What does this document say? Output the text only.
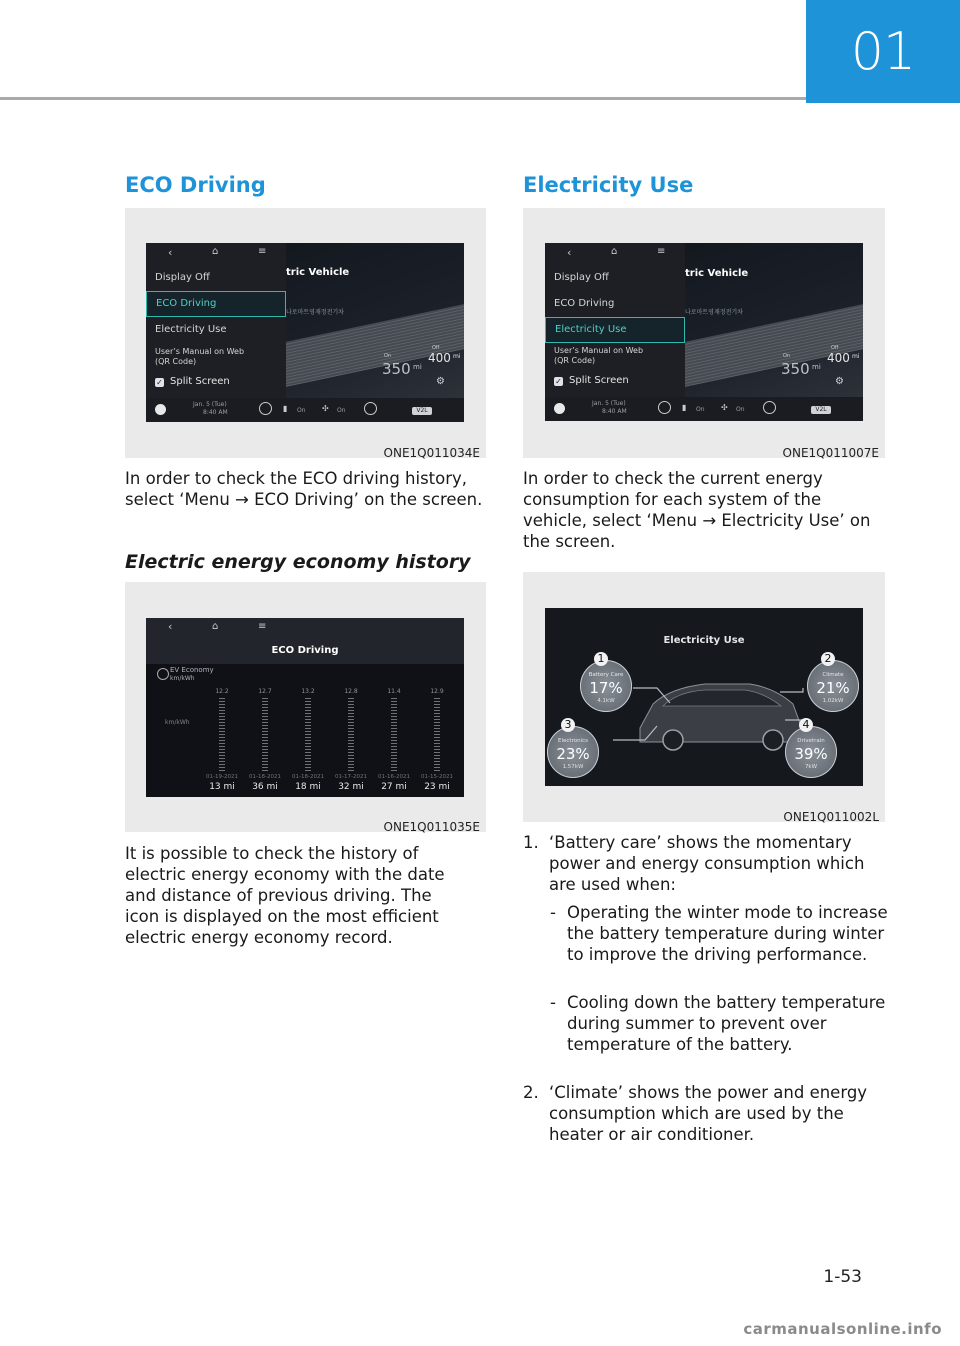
01
ECO Driving
tric Vehicle
나로마트영재정전기차
On
350 mi
Off
400 mi
⚙
‹	⌂	≡
Display Off
ECO Driving
Electricity Use
User’s Manual on Web
(QR Code)
✓ Split Screen
Jan. 5 (Tue)
8:40 AM	▮ On ✣ On	V2L
ONE1Q011034E
In order to check the ECO driving history, select ‘Menu → ECO Driving’ on the screen.
Electric energy economy history
‹	⌂	≡
ECO Driving
EV Economy
km/kWh
km/kWh
12.2
01-19-2021
13 mi
12.7
01-18-2021
36 mi
13.2
01-18-2021
18 mi
12.8
01-17-2021
32 mi
11.4
01-16-2021
27 mi
12.9
01-15-2021
23 mi
ONE1Q011035E
It is possible to check the history of electric energy economy with the date and distance of previous driving. The icon is displayed on the most efficient electric energy economy record.
Electricity Use
tric Vehicle
나로마트영재정전기차
On
350 mi
Off
400 mi
⚙
‹	⌂	≡
Display Off
ECO Driving
Electricity Use
User’s Manual on Web
(QR Code)
✓ Split Screen
Jan. 5 (Tue)
8:40 AM	▮ On ✣ On	V2L
ONE1Q011007E
In order to check the current energy consumption for each system of the vehicle, select ‘Menu → Electricity Use’ on the screen.
Electricity Use
Battery Care
17%
4.1kW
1
Climate
21%
1.02kW
2
Electronics
23%
1.57kW
3
Drivetrain
39%
7kW
4
ONE1Q011002L
1. ‘Battery care’ shows the momentary power and energy consumption which are used when:
- Operating the winter mode to increase the battery temperature during winter to improve the driving performance.
- Cooling down the battery temperature during summer to prevent over temperature of the battery.
2. ‘Climate’ shows the power and energy consumption which are used by the heater or air conditioner.
1-53
carmanualsonline.info
